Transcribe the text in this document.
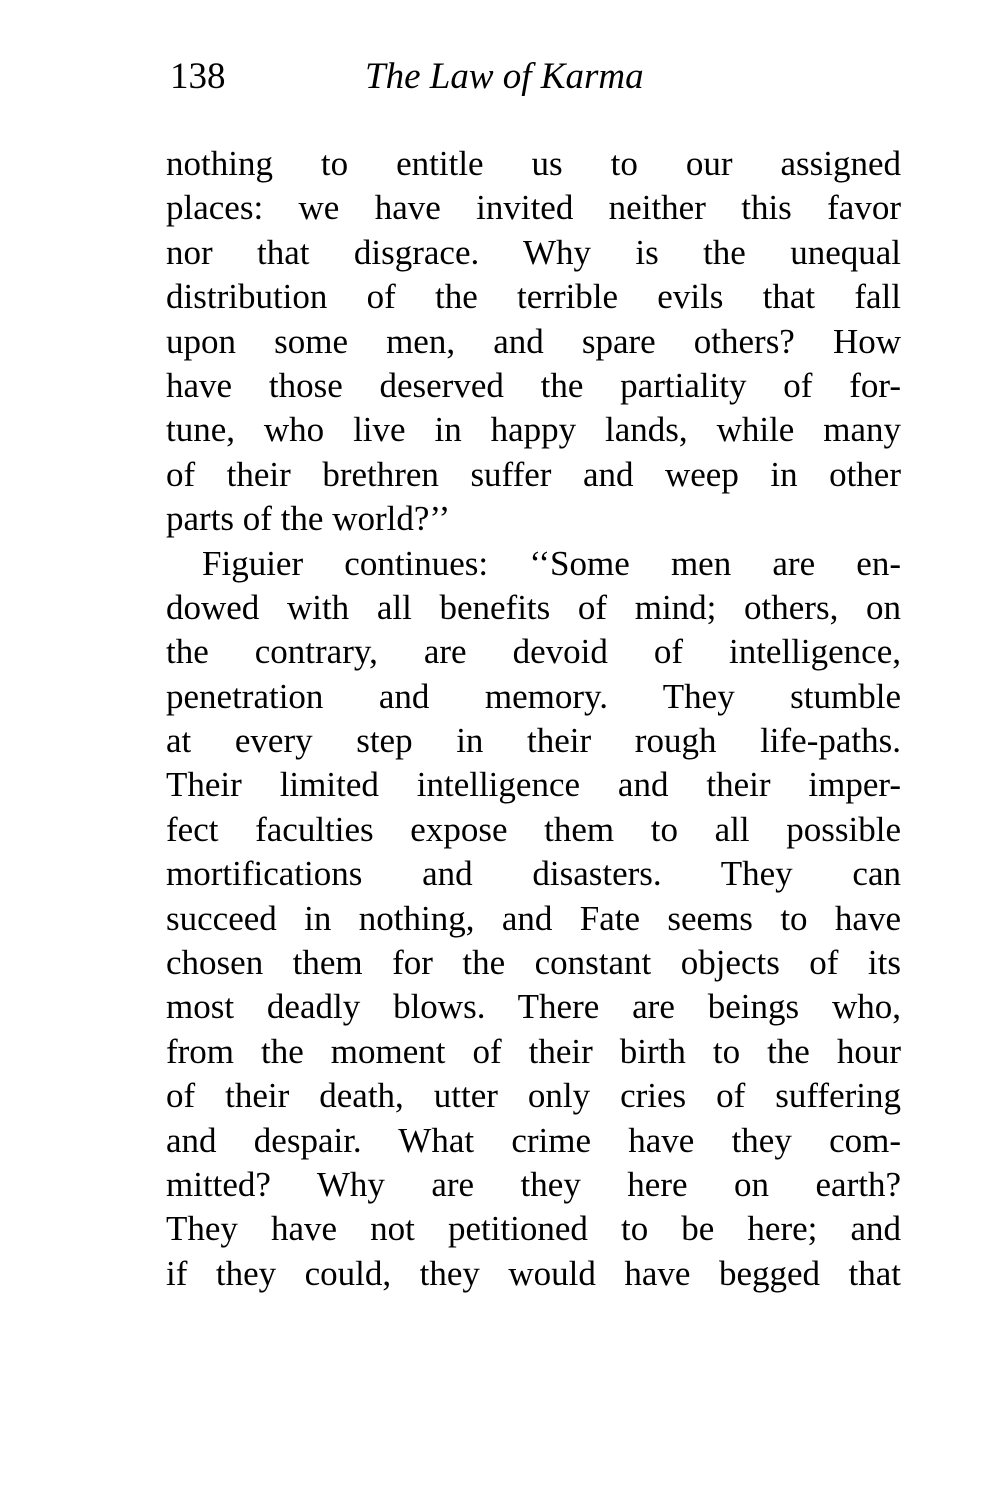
138	The Law of Karma
nothing to entitle us to our assigned
places: we have invited neither this favor
nor that disgrace. Why is the unequal
distribution of the terrible evils that fall
upon some men, and spare others? How
have those deserved the partiality of for-
tune, who live in happy lands, while many
of their brethren suffer and weep in other
parts of the world?’’
Figuier continues: ‘‘Some men are en-
dowed with all benefits of mind; others, on
the contrary, are devoid of intelligence,
penetration and memory. They stumble
at every step in their rough life-paths.
Their limited intelligence and their imper-
fect faculties expose them to all possible
mortifications and disasters. They can
succeed in nothing, and Fate seems to have
chosen them for the constant objects of its
most deadly blows. There are beings who,
from the moment of their birth to the hour
of their death, utter only cries of suffering
and despair. What crime have they com-
mitted? Why are they here on earth?
They have not petitioned to be here; and
if they could, they would have begged that
